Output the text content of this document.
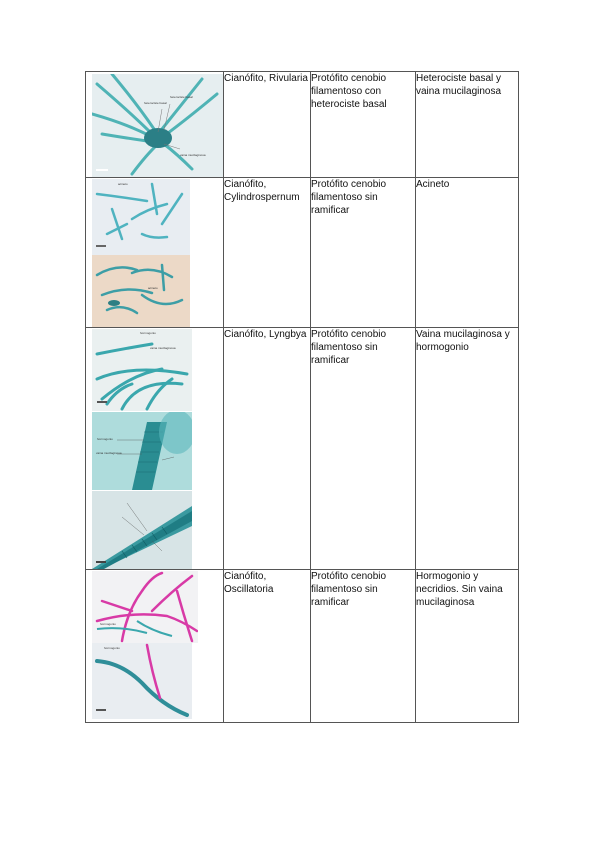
heterociste basal
heterociste basal
vaina mucilaginosa	Cianófito, Rivularia	Protófito cenobio filamentoso con heterociste basal	Heterociste basal y vaina mucilaginosa

acineto
acineto	Cianófito, Cylindrospernum	Protófito cenobio filamentoso sin ramificar	Acineto

hormogonio
vaina mucilaginosa
hormogonio
vaina mucilaginosa	Cianófito, Lyngbya	Protófito cenobio filamentoso sin ramificar	Vaina mucilaginosa y hormogonio

hormogonio
hormogonio	Cianófito, Oscillatoria	Protófito cenobio filamentoso sin ramificar	Hormogonio y necridios. Sin vaina mucilaginosa
